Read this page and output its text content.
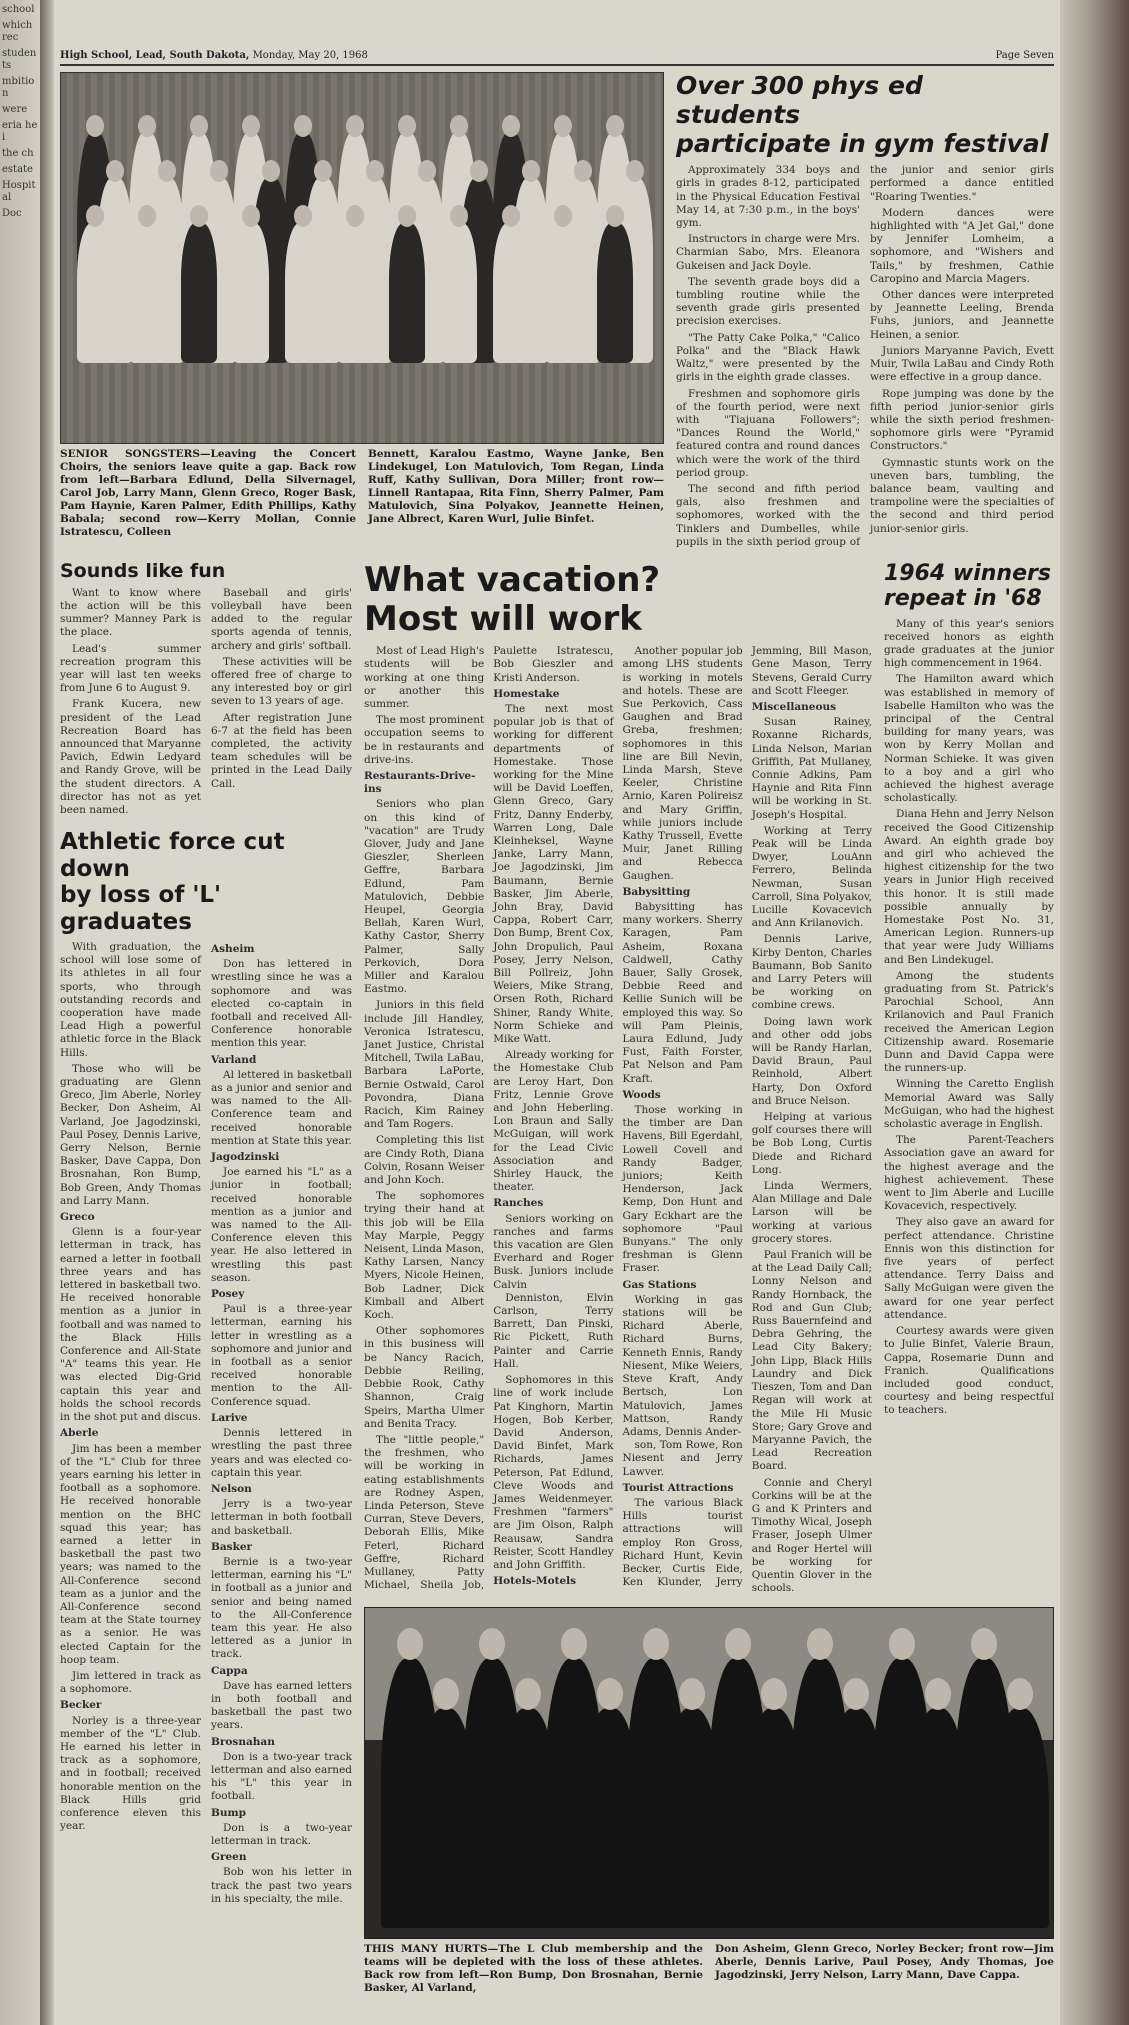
school
which rec
students
mbition
were
eria hei
the ch
estate
Hospital
Doc
High School, Lead, South Dakota, Monday, May 20, 1968	Page Seven
SENIOR SONGSTERS—Leaving the Concert Choirs, the seniors leave quite a gap. Back row from left—Barbara Edlund, Della Silvernagel, Carol Job, Larry Mann, Glenn Greco, Roger Bask, Pam Haynie, Karen Palmer, Edith Phillips, Kathy Babala; second row—Kerry Mollan, Connie Istratescu, Colleen
Bennett, Karalou Eastmo, Wayne Janke, Ben Lindekugel, Lon Matulovich, Tom Regan, Linda Ruff, Kathy Sullivan, Dora Miller; front row—Linnell Rantapaa, Rita Finn, Sherry Palmer, Pam Matulovich, Sina Polyakov, Jeannette Heinen, Jane Albrect, Karen Wurl, Julie Binfet.
Over 300 phys ed students
participate in gym festival

Approximately 334 boys and girls in grades 8-12, participated in the Physical Education Festival May 14, at 7:30 p.m., in the boys' gym.

Instructors in charge were Mrs. Charmian Sabo, Mrs. Eleanora Gukeisen and Jack Doyle.

The seventh grade boys did a tumbling routine while the seventh grade girls presented precision exercises.

"The Patty Cake Polka," "Calico Polka" and the "Black Hawk Waltz," were presented by the girls in the eighth grade classes.

Freshmen and sophomore girls of the fourth period, were next with "Tiajuana Followers"; "Dances Round the World," featured contra and round dances which were the work of the third period group.

The second and fifth period gals, also freshmen and sophomores, worked with the Tinklers and Dumbelles, while pupils in the sixth period group of the junior and senior girls performed a dance entitled "Roaring Twenties."

Modern dances were highlighted with "A Jet Gal," done by Jennifer Lomheim, a sophomore, and "Wishers and Tails," by freshmen, Cathie Caropino and Marcia Magers.

Other dances were interpreted by Jeannette Leeling, Brenda Fuhs, juniors, and Jeannette Heinen, a senior.

Juniors Maryanne Pavich, Evett Muir, Twila LaBau and Cindy Roth were effective in a group dance.

Rope jumping was done by the fifth period junior-senior girls while the sixth period freshmen-sophomore girls were "Pyramid Constructors."

Gymnastic stunts work on the uneven bars, tumbling, the balance beam, vaulting and trampoline were the specialties of the second and third period junior-senior girls.

Sounds like fun

Want to know where the action will be this summer? Manney Park is the place.

Lead's summer recreation program this year will last ten weeks from June 6 to August 9.

Frank Kucera, new president of the Lead Recreation Board has announced that Maryanne Pavich, Edwin Ledyard and Randy Grove, will be the student directors. A director has not as yet been named.

Baseball and girls' volleyball have been added to the regular sports agenda of tennis, archery and girls' softball.

These activities will be offered free of charge to any interested boy or girl seven to 13 years of age.

After registration June 6-7 at the field has been completed, the activity team schedules will be printed in the Lead Daily Call.

Athletic force cut down
by loss of 'L' graduates

With graduation, the school will lose some of its athletes in all four sports, who through outstanding records and cooperation have made Lead High a powerful athletic force in the Black Hills.

Those who will be graduating are Glenn Greco, Jim Aberle, Norley Becker, Don Asheim, Al Varland, Joe Jagodzinski, Paul Posey, Dennis Larive, Gerry Nelson, Bernie Basker, Dave Cappa, Don Brosnahan, Ron Bump, Bob Green, Andy Thomas and Larry Mann.

Greco

Glenn is a four-year letterman in track, has earned a letter in football three years and has lettered in basketball two. He received honorable mention as a junior in football and was named to the Black Hills Conference and All-State "A" teams this year. He was elected Dig-Grid captain this year and holds the school records in the shot put and discus.

Aberle

Jim has been a member of the "L" Club for three years earning his letter in football as a sophomore. He received honorable mention on the BHC squad this year; has earned a letter in basketball the past two years; was named to the All-Conference second team as a junior and the All-Conference second team at the State tourney as a senior. He was elected Captain for the hoop team.

Jim lettered in track as a sophomore.

Becker

Norley is a three-year member of the "L" Club. He earned his letter in track as a sophomore, and in football; received honorable mention on the Black Hills grid conference eleven this year.

Asheim

Don has lettered in wrestling since he was a sophomore and was elected co-captain in football and received All-Conference honorable mention this year.

Varland

Al lettered in basketball as a junior and senior and was named to the All-Conference team and received honorable mention at State this year.

Jagodzinski

Joe earned his "L" as a junior in football; received honorable mention as a junior and was named to the All-Conference eleven this year. He also lettered in wrestling this past season.

Posey

Paul is a three-year letterman, earning his letter in wrestling as a sophomore and junior and in football as a senior received honorable mention to the All-Conference squad.

Larive

Dennis lettered in wrestling the past three years and was elected co-captain this year.

Nelson

Jerry is a two-year letterman in both football and basketball.

Basker

Bernie is a two-year letterman, earning his "L" in football as a junior and senior and being named to the All-Conference team this year. He also lettered as a junior in track.

Cappa

Dave has earned letters in both football and basketball the past two years.

Brosnahan

Don is a two-year track letterman and also earned his "L" this year in football.

Bump

Don is a two-year letterman in track.

Green

Bob won his letter in track the past two years in his specialty, the mile.

What vacation?
Most will work

Most of Lead High's students will be working at one thing or another this summer.

The most prominent occupation seems to be in restaurants and drive-ins.

Restaurants-Drive-ins

Seniors who plan on this kind of "vacation" are Trudy Glover, Judy and Jane Gieszler, Sherleen Geffre, Barbara Edlund, Pam Matulovich, Debbie Heupel, Georgia Bellah, Karen Wurl, Kathy Castor, Sherry Palmer, Sally Perkovich, Dora Miller and Karalou Eastmo.

Juniors in this field include Jill Handley, Veronica Istratescu, Janet Justice, Christal Mitchell, Twila LaBau, Barbara LaPorte, Bernie Ostwald, Carol Povondra, Diana Racich, Kim Rainey and Tam Rogers.

Completing this list are Cindy Roth, Diana Colvin, Rosann Weiser and John Koch.

The sophomores trying their hand at this job will be Ella May Marple, Peggy Neisent, Linda Mason, Kathy Larsen, Nancy Myers, Nicole Heinen, Bob Ladner, Dick Kimball and Albert Koch.

Other sophomores in this business will be Nancy Racich, Debbie Reiling, Debbie Rook, Cathy Shannon, Craig Speirs, Martha Ulmer and Benita Tracy.

The "little people," the freshmen, who will be working in eating establishments are Rodney Aspen, Linda Peterson, Steve Curran, Steve Devers, Deborah Ellis, Mike Feterl, Richard Geffre, Richard Mullaney, Patty Michael, Sheila Job, Paulette Istratescu, Bob Gieszler and Kristi Anderson.

Homestake

The next most popular job is that of working for different departments of Homestake. Those working for the Mine will be David Loeffen, Glenn Greco, Gary Fritz, Danny Enderby, Warren Long, Dale Kleinheksel, Wayne Janke, Larry Mann, Joe Jagodzinski, Jim Baumann, Bernie Basker, Jim Aberle, John Bray, David Cappa, Robert Carr, Don Bump, Brent Cox, John Dropulich, Paul Posey, Jerry Nelson, Bill Pollreiz, John Weiers, Mike Strang, Orsen Roth, Richard Shiner, Randy White, Norm Schieke and Mike Watt.

Already working for the Homestake Club are Leroy Hart, Don Fritz, Lennie Grove and John Heberling. Lon Braun and Sally McGuigan, will work for the Lead Civic Association and Shirley Hauck, the theater.

Ranches

Seniors working on ranches and farms this vacation are Glen Everhard and Roger Busk. Juniors include Calvin

Denniston, Elvin Carlson, Terry Barrett, Dan Pinski, Ric Pickett, Ruth Painter and Carrie Hall.

Sophomores in this line of work include Pat Kinghorn, Martin Hogen, Bob Kerber, David Anderson, David Binfet, Mark Richards, James Peterson, Pat Edlund, Cleve Woods and James Weidenmeyer. Freshmen "farmers" are Jim Olson, Ralph Reausaw, Sandra Reister, Scott Handley and John Griffith.

Hotels-Motels

Another popular job among LHS students is working in motels and hotels. These are Sue Perkovich, Cass Gaughen and Brad Greba, freshmen; sophomores in this line are Bill Nevin, Linda Marsh, Steve Keeler, Christine Arnio, Karen Polireisz and Mary Griffin, while juniors include Kathy Trussell, Evette Muir, Janet Rilling and Rebecca Gaughen.

Babysitting

Babysitting has many workers. Sherry Karagen, Pam Asheim, Roxana Caldwell, Cathy Bauer, Sally Grosek, Debbie Reed and Kellie Sunich will be employed this way. So will Pam Pleinis, Laura Edlund, Judy Fust, Faith Forster, Pat Nelson and Pam Kraft.

Woods

Those working in the timber are Dan Havens, Bill Egerdahl, Lowell Covell and Randy Badger, juniors; Keith Henderson, Jack Kemp, Don Hunt and Gary Eckhart are the sophomore "Paul Bunyans." The only freshman is Glenn Fraser.

Gas Stations

Working in gas stations will be Richard Aberle, Richard Burns, Kenneth Ennis, Randy Niesent, Mike Weiers, Steve Kraft, Andy Bertsch, Lon Matulovich, James Mattson, Randy Adams, Dennis Ander-

son, Tom Rowe, Ron Niesent and Jerry Lawver.

Tourist Attractions

The various Black Hills tourist attractions will employ Ron Gross, Richard Hunt, Kevin Becker, Curtis Eide, Ken Klunder, Jerry Jemming, Bill Mason, Gene Mason, Terry Stevens, Gerald Curry and Scott Fleeger.

Miscellaneous

Susan Rainey, Roxanne Richards, Linda Nelson, Marian Griffith, Pat Mullaney, Connie Adkins, Pam Haynie and Rita Finn will be working in St. Joseph's Hospital.

Working at Terry Peak will be Linda Dwyer, LouAnn Ferrero, Belinda Newman, Susan Carroll, Sina Polyakov, Lucille Kovacevich and Ann Krilanovich.

Dennis Larive, Kirby Denton, Charles Baumann, Bob Sanito and Larry Peters will be working on combine crews.

Doing lawn work and other odd jobs will be Randy Harlan, David Braun, Paul Reinhold, Albert Harty, Don Oxford and Bruce Nelson.

Helping at various golf courses there will be Bob Long, Curtis Diede and Richard Long.

Linda Wermers, Alan Millage and Dale Larson will be working at various grocery stores.

Paul Franich will be at the Lead Daily Call; Lonny Nelson and Randy Hornback, the Rod and Gun Club; Russ Bauernfeind and Debra Gehring, the Lead City Bakery; John Lipp, Black Hills Laundry and Dick Tieszen, Tom and Dan Regan will work at the Mile Hi Music Store; Gary Grove and Maryanne Pavich, the Lead Recreation Board.

Connie and Cheryl Corkins will be at the G and K Printers and Timothy Wical, Joseph Fraser, Joseph Ulmer and Roger Hertel will be working for Quentin Glover in the schools.

1964 winners
repeat in '68

Many of this year's seniors received honors as eighth grade graduates at the junior high commencement in 1964.

The Hamilton award which was established in memory of Isabelle Hamilton who was the principal of the Central building for many years, was won by Kerry Mollan and Norman Schieke. It was given to a boy and a girl who achieved the highest average scholastically.

Diana Hehn and Jerry Nelson received the Good Citizenship Award. An eighth grade boy and girl who achieved the highest citizenship for the two years in Junior High received this honor. It is still made possible annually by Homestake Post No. 31, American Legion. Runners-up that year were Judy Williams and Ben Lindekugel.

Among the students graduating from St. Patrick's Parochial School, Ann Krilanovich and Paul Franich received the American Legion Citizenship award. Rosemarie Dunn and David Cappa were the runners-up.

Winning the Caretto English Memorial Award was Sally McGuigan, who had the highest scholastic average in English.

The Parent-Teachers Association gave an award for the highest average and the highest achievement. These went to Jim Aberle and Lucille Kovacevich, respectively.

They also gave an award for perfect attendance. Christine Ennis won this distinction for five years of perfect attendance. Terry Daiss and Sally McGuigan were given the award for one year perfect attendance.

Courtesy awards were given to Julie Binfet, Valerie Braun, Cappa, Rosemarie Dunn and Franich. Qualifications included good conduct, courtesy and being respectful to teachers.

THIS MANY HURTS—The L Club membership and the teams will be depleted with the loss of these athletes. Back row from left—Ron Bump, Don Brosnahan, Bernie Basker, Al Varland,
Don Asheim, Glenn Greco, Norley Becker; front row—Jim Aberle, Dennis Larive, Paul Posey, Andy Thomas, Joe Jagodzinski, Jerry Nelson, Larry Mann, Dave Cappa.
